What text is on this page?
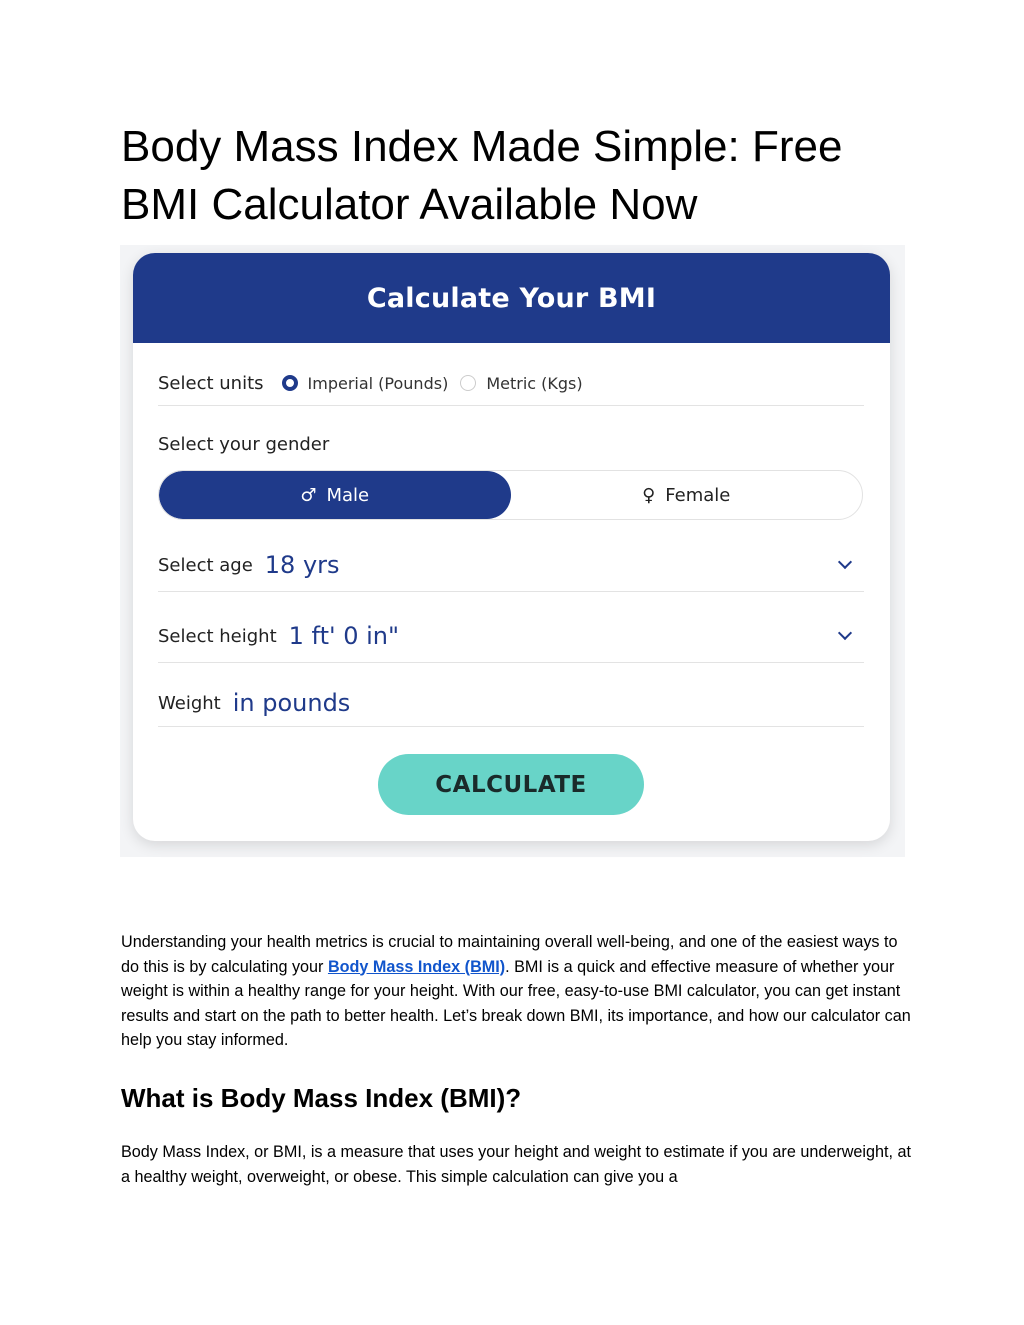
Body Mass Index Made Simple: Free
BMI Calculator Available Now
Calculate Your BMI
Select units	Imperial (Pounds) Metric (Kgs)
Select your gender
♂ Male	♀ Female
Select age 18 yrs
Select height 1 ft' 0 in"
Weight in pounds
CALCULATE

Understanding your health metrics is crucial to maintaining overall well-being, and one of the easiest ways to do this is by calculating your Body Mass Index (BMI). BMI is a quick and effective measure of whether your weight is within a healthy range for your height. With our free, easy-to-use BMI calculator, you can get instant results and start on the path to better health. Let’s break down BMI, its importance, and how our calculator can help you stay informed.

What is Body Mass Index (BMI)?

Body Mass Index, or BMI, is a measure that uses your height and weight to estimate if you are underweight, at a healthy weight, overweight, or obese. This simple calculation can give you a
